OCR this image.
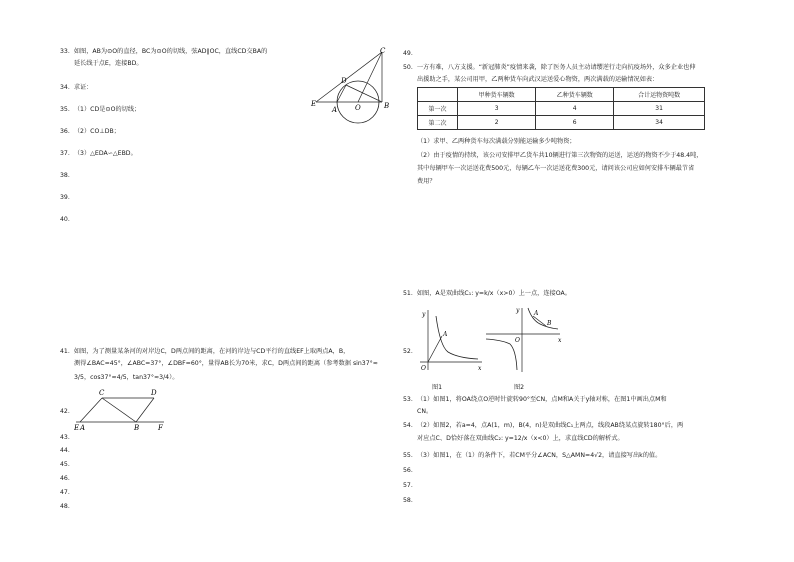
33. 如图，AB为⊙O的直径，BC为⊙O的切线，弦AD∥OC，直线CD交BA的
延长线于点E，连接BD。
34. 求证：
35. （1）CD是⊙O的切线；
36. （2）CO⊥DB；
37. （3）△EDA∽△EBD。
38.
39.
40.
C
D
E
A	O	B
41. 如图，为了测量某条河的对岸边C，D两点间的距离，在河的岸边与CD平行的直线EF上取两点A，B，
测得∠BAC=45°，∠ABC=37°，∠DBF=60°，量得AB长为70米，求C，D两点间的距离（参考数据 sin37°≈
3/5，cos37°≈4/5，tan37°≈3/4）。
C	D
E A	B	F
42.
43.
44.
45.
46.
47.
48.
49.
50. 一方有难，八方支援。“新冠肺炎”疫情来袭，除了医务人员主动请缨逆行走向抗疫场外，众多企业也伸
出援助之手，某公司用甲，乙两种货车向武汉运送爱心物资，两次满载的运输情况如表：
	甲种货车辆数	乙种货车辆数	合计运物资吨数
第一次	3	4	31
第二次	2	6	34
（1）求甲、乙两种货车每次满载分别能运输多少吨物资；
（2）由于疫情的持续，该公司安排甲乙货车共10辆进行第三次物资的运送，运送的物资不少于48.4吨，
其中每辆甲车一次运送花费500元，每辆乙车一次运送花费300元，请问该公司应如何安排车辆最节省
费用？
51. 如图，A是双曲线C₁: y=k/x（x>0）上一点，连接OA。
y
x
O
A
图1
y
x
O
A
B
图2
52.
53. （1）如图1，将OA绕点O逆时针旋转90°至CN，点M和A关于y轴对称，在图1中画出点M和
CN。
54. （2）如图2，若a=4，点A(1，m)，B(4，n)是双曲线C₁上两点，线段AB绕某点旋转180°后，两
对应点C、D恰好落在双曲线C₂: y=12/x（x<0）上，求直线CD的解析式。
55. （3）如图1，在（1）的条件下，若CM平分∠ACN，S△AMN=4√2，请直接写出k的值。
56.
57.
58.
